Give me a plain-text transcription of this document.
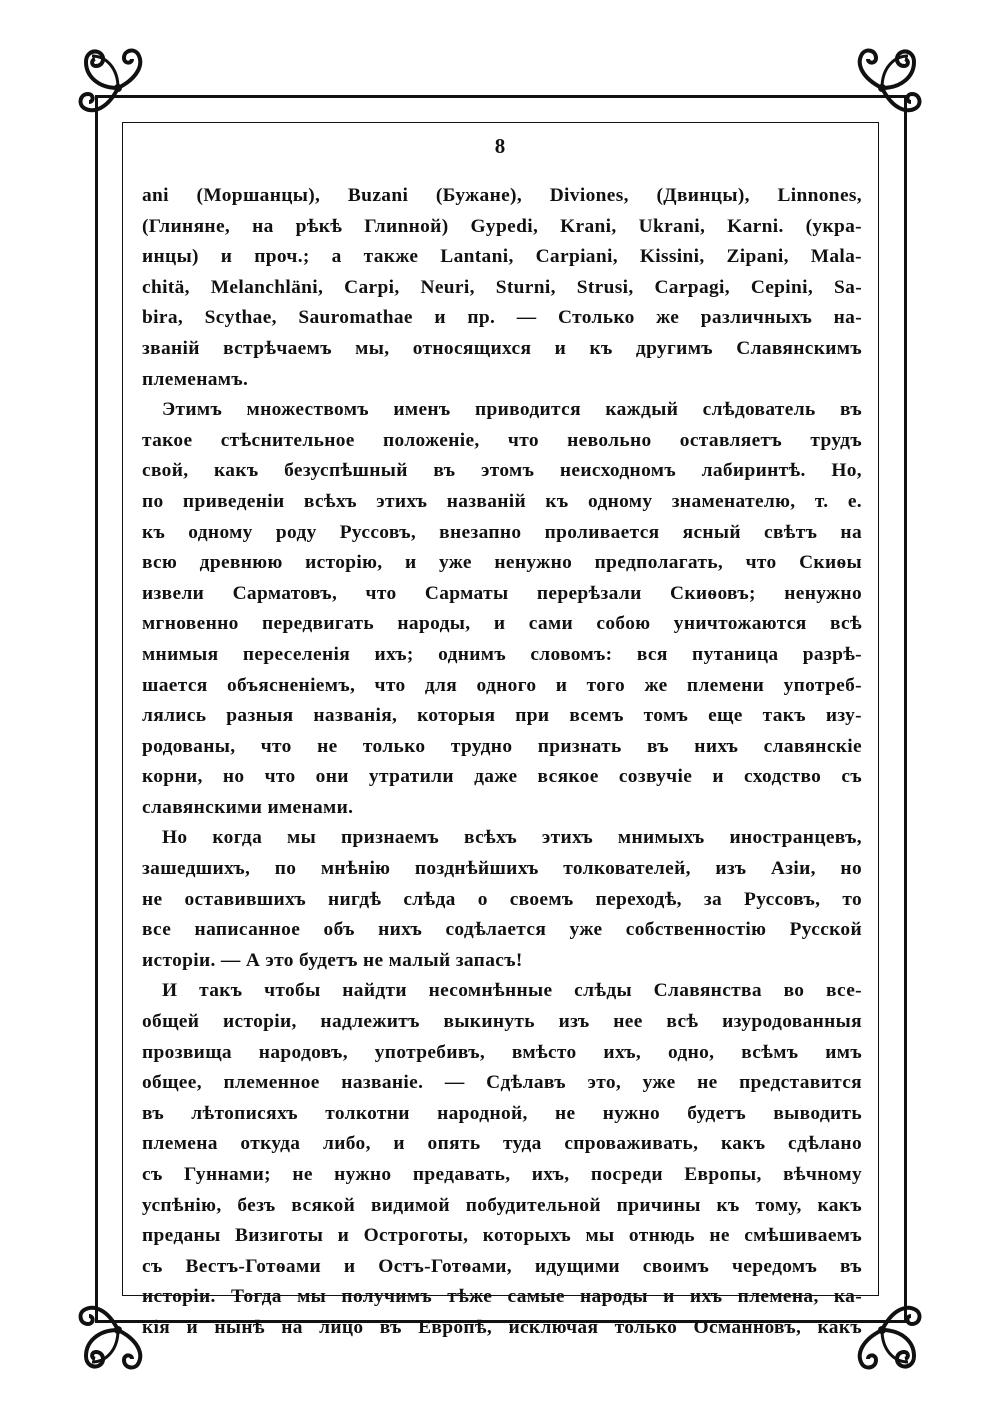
8
ani (Моршанцы), Buzani (Бужане), Diviones, (Двинцы), Linnones,
(Глиняне, на рѣкѣ Глиnной) Gypedi, Krani, Ukrani, Karni. (укра-
инцы) и проч.; а также Lantani, Carpiani, Kissini, Zipani, Mala-
chitä, Melanchläni, Carpi, Neuri, Sturni, Strusi, Carpagi, Cepini, Sa-
bira, Scythae, Sauromathae и пр. — Столько же различныхъ на-
званій встрѣчаемъ мы, относящихся и къ другимъ Славянскимъ
племенамъ.
Этимъ множествомъ именъ приводится каждый слѣдователь въ
такое стѣснительное положеніе, что невольно оставляетъ трудъ
свой, какъ безуспѣшный въ этомъ неисходномъ лабиринтѣ. Но,
по приведеніи всѣхъ этихъ названій къ одному знаменателю, т. е.
къ одному роду Руссовъ, внезапно проливается ясный свѣтъ на
всю древнюю исторію, и уже ненужно предполагать, что Скиѳы
извели Сарматовъ, что Сарматы перерѣзали Скиѳовъ; ненужно
мгновенно передвигать народы, и сами собою уничтожаются всѣ
мнимыя переселенія ихъ; однимъ словомъ: вся путаница разрѣ-
шается объясненіемъ, что для одного и того же племени употреб-
лялись разныя названія, которыя при всемъ томъ еще такъ изу-
родованы, что не только трудно признать въ нихъ славянскіе
корни, но что они утратили даже всякое созвучіе и сходство съ
славянскими именами.
Но когда мы признаемъ всѣхъ этихъ мнимыхъ иностранцевъ,
зашедшихъ, по мнѣнію позднѣйшихъ толкователей, изъ Азіи, но
не оставившихъ нигдѣ слѣда о своемъ переходѣ, за Руссовъ, то
все написанное объ нихъ содѣлается уже собственностію Русской
исторіи. — А это будетъ не малый запасъ!
И такъ чтобы найдти несомнѣнные слѣды Славянства во все-
общей исторіи, надлежитъ выкинуть изъ нее всѣ изуродованныя
прозвища народовъ, употребивъ, вмѣсто ихъ, одно, всѣмъ имъ
общее, племенное названіе. — Сдѣлавъ это, уже не представится
въ лѣтописяхъ толкотни народной, не нужно будетъ выводить
племена откуда либо, и опять туда спроваживать, какъ сдѣлано
съ Гуннами; не нужно предавать, ихъ, посреди Европы, вѣчному
успѣнію, безъ всякой видимой побудительной причины къ тому, какъ
преданы Визиготы и Остроготы, которыхъ мы отнюдь не смѣшиваемъ
съ Вестъ-Готѳами и Остъ-Готѳами, идущими своимъ чередомъ въ
исторіи. Тогда мы получимъ тѣже самые народы и ихъ племена, ка-
кія и нынѣ на лицо въ Европѣ, исключая только Османновъ, какъ
